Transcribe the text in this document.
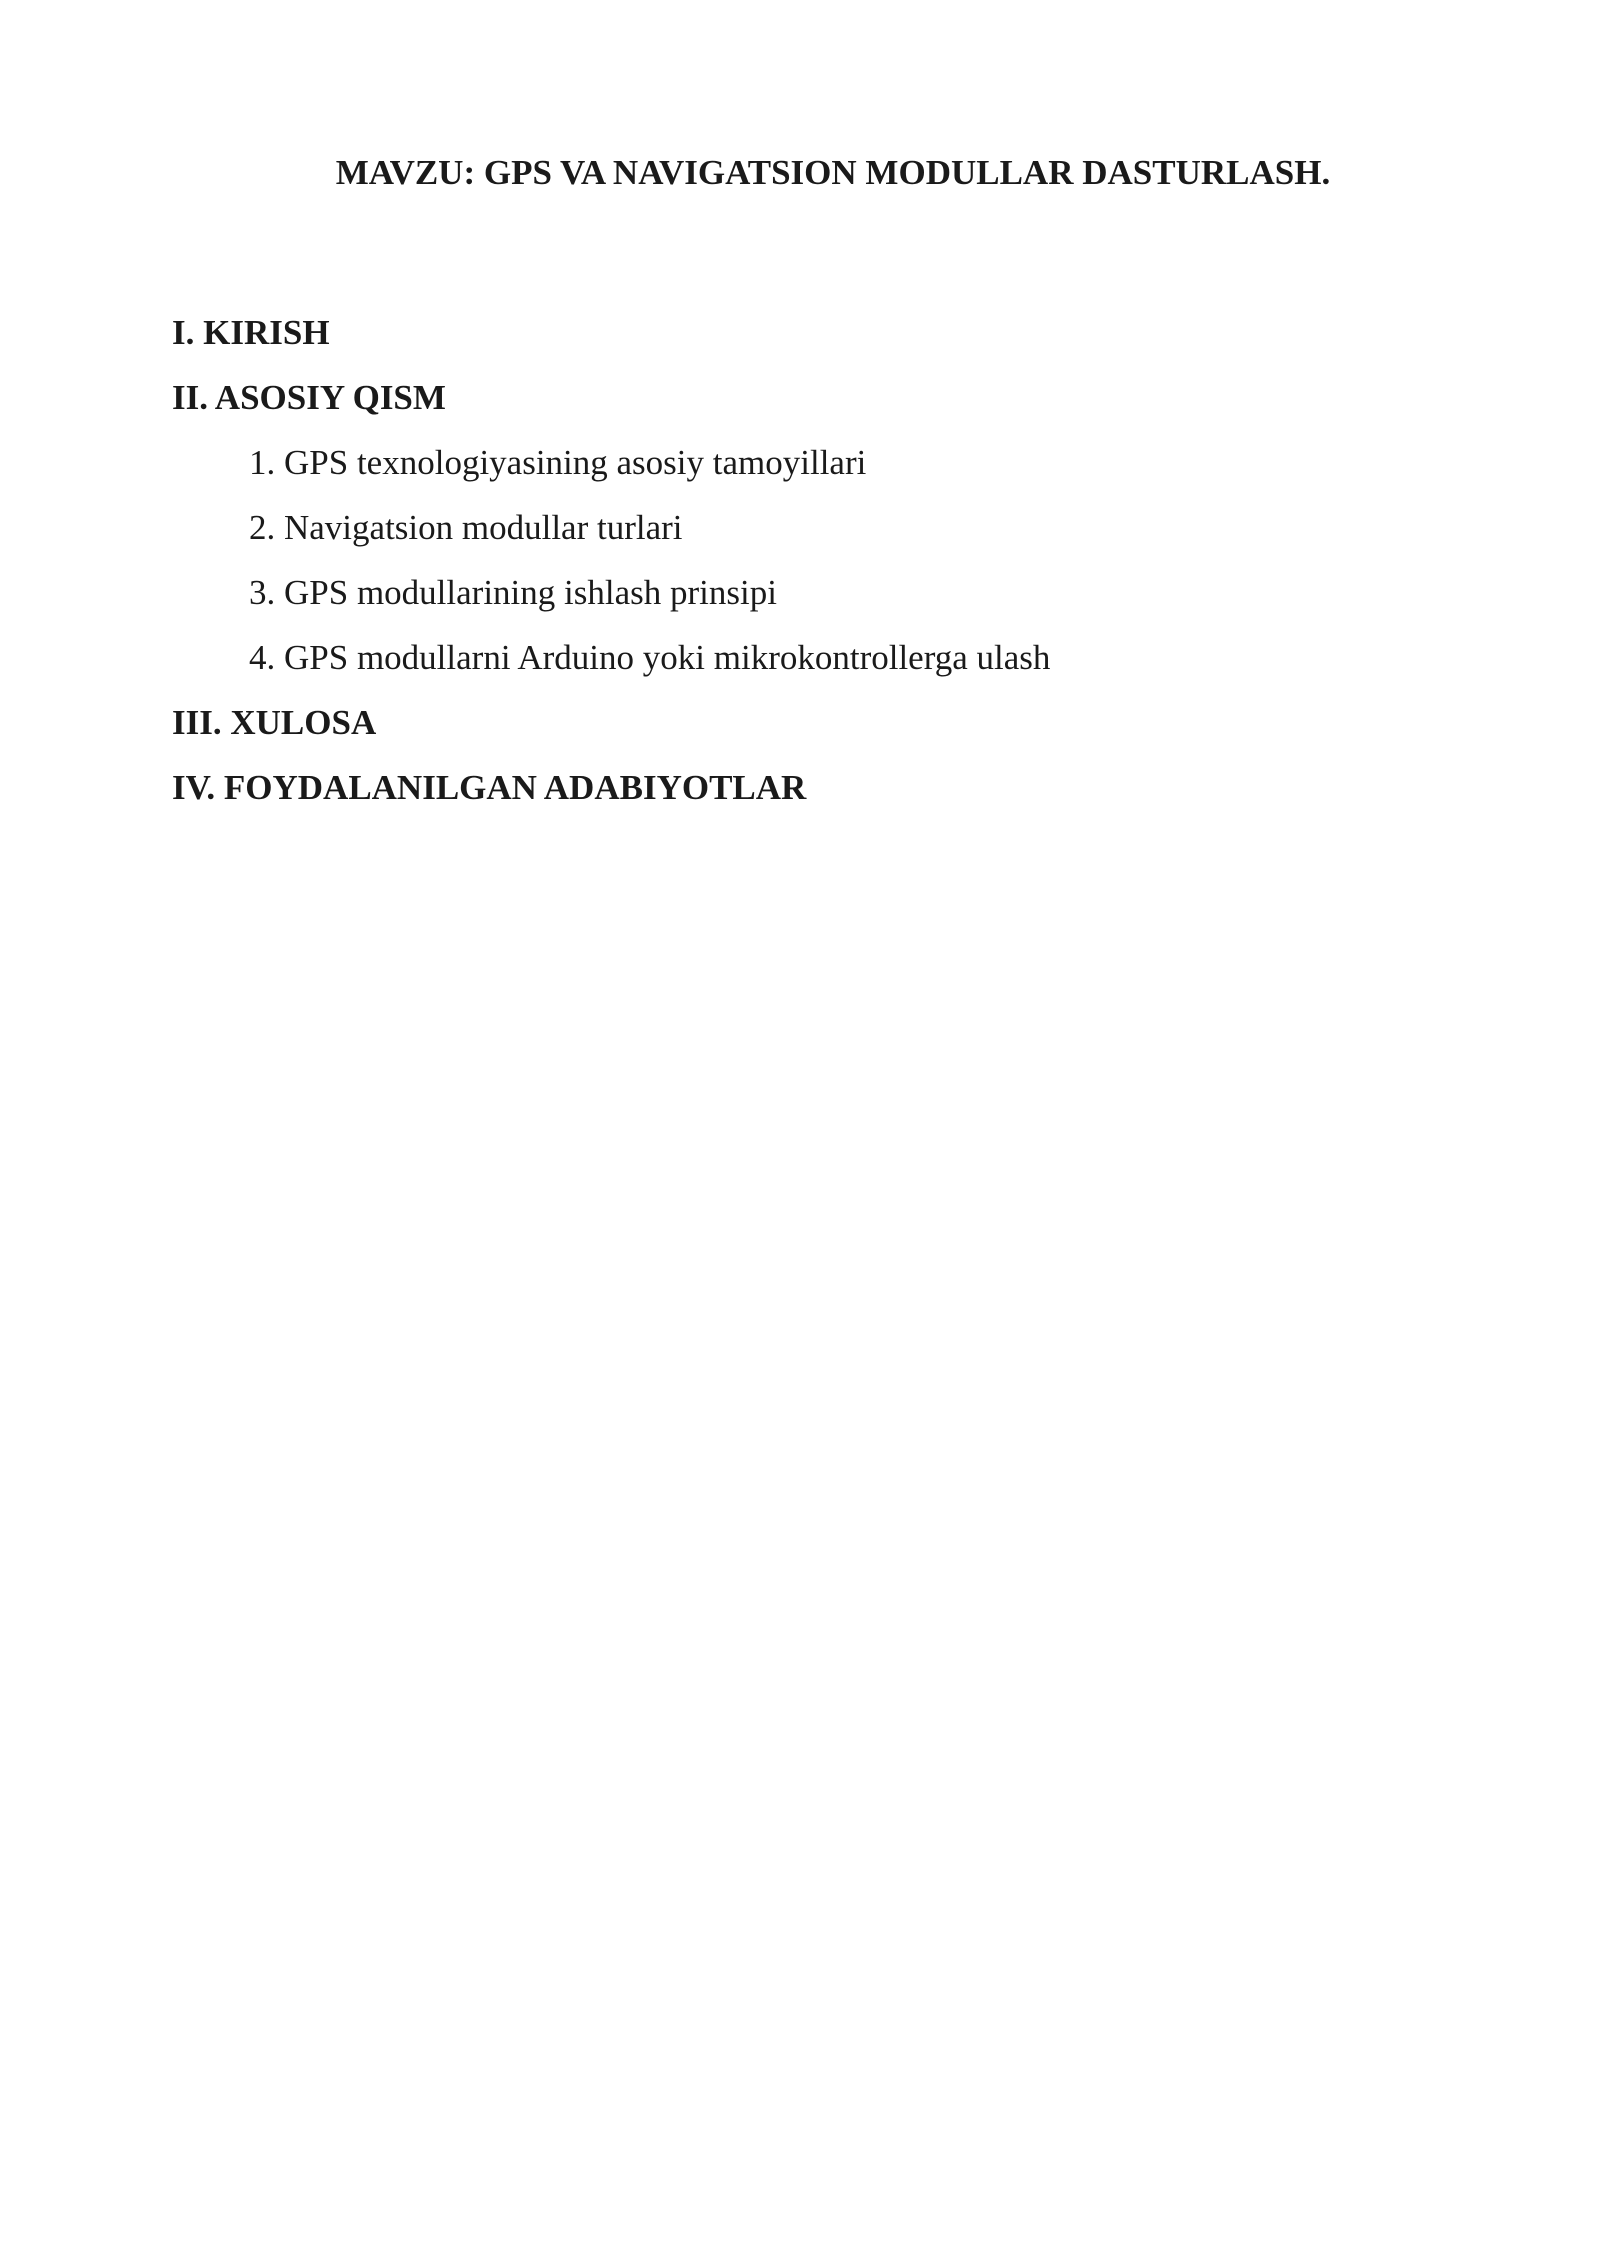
MAVZU: GPS VA NAVIGATSION MODULLAR DASTURLASH.
I. KIRISH
II. ASOSIY QISM
1. GPS texnologiyasining asosiy tamoyillari
2. Navigatsion modullar turlari
3. GPS modullarining ishlash prinsipi
4. GPS modullarni Arduino yoki mikrokontrollerga ulash
III. XULOSA
IV. FOYDALANILGAN ADABIYOTLAR
